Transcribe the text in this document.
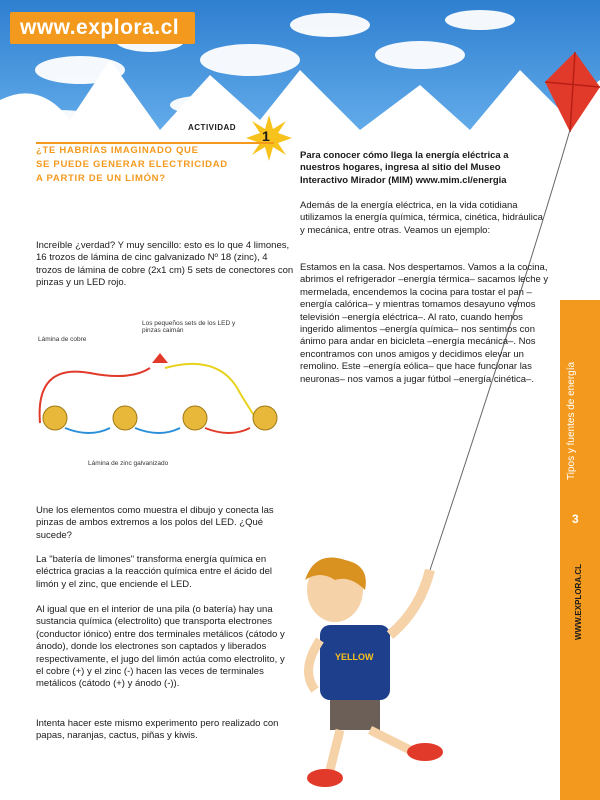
www.explora.cl
ACTIVIDAD
1
¿TE HABRÍAS IMAGINADO QUE
SE PUEDE GENERAR ELECTRICIDAD
A PARTIR DE UN LIMÓN?

Increíble ¿verdad? Y muy sencillo: esto es lo que 4 limones, 16 trozos de lámina de cinc galvanizado Nº 18 (zinc), 4 trozos de lámina de cobre (2x1 cm) 5 sets de conectores con pinzas y un LED rojo.

Lámina de cobre
Los pequeños sets de los LED y pinzas caimán
Lámina de zinc galvanizado

Une los elementos como muestra el dibujo y conecta las pinzas de ambos extremos a los polos del LED. ¿Qué sucede?

La "batería de limones" transforma energía química en eléctrica gracias a la reacción química entre el ácido del limón y el zinc, que enciende el LED.

Al igual que en el interior de una pila (o batería) hay una sustancia química (electrolito) que transporta electrones (conductor iónico) entre dos terminales metálicos (cátodo y ánodo), donde los electrones son captados y liberados respectivamente, el jugo del limón actúa como electrolito, y el cobre (+) y el zinc (-) hacen las veces de terminales metálicos (cátodo (+) y ánodo (-)).

Intenta hacer este mismo experimento pero realizado con papas, naranjas, cactus, piñas y kiwis.

Para conocer cómo llega la energía eléctrica a nuestros hogares, ingresa al sitio del Museo Interactivo Mirador (MIM) www.mim.cl/energia

Además de la energía eléctrica, en la vida cotidiana utilizamos la energía química, térmica, cinética, hidráulica y mecánica, entre otras. Veamos un ejemplo:

Estamos en la casa. Nos despertamos. Vamos a la cocina, abrimos el refrigerador –energía térmica– sacamos leche y mermelada, encendemos la cocina para tostar el pan –energía calórica– y mientras tomamos desayuno vemos televisión –energía eléctrica–. Al rato, cuando hemos ingerido alimentos –energía química– nos sentimos con ánimo para andar en bicicleta –energía mecánica–. Nos encontramos con unos amigos y decidimos elevar un remolino. Este –energía eólica– que hace funcionar las neuronas– nos vamos a jugar fútbol –energía cinética–.	Tipos y fuentes de energía
3
WWW.EXPLORA.CL
YELLOW
